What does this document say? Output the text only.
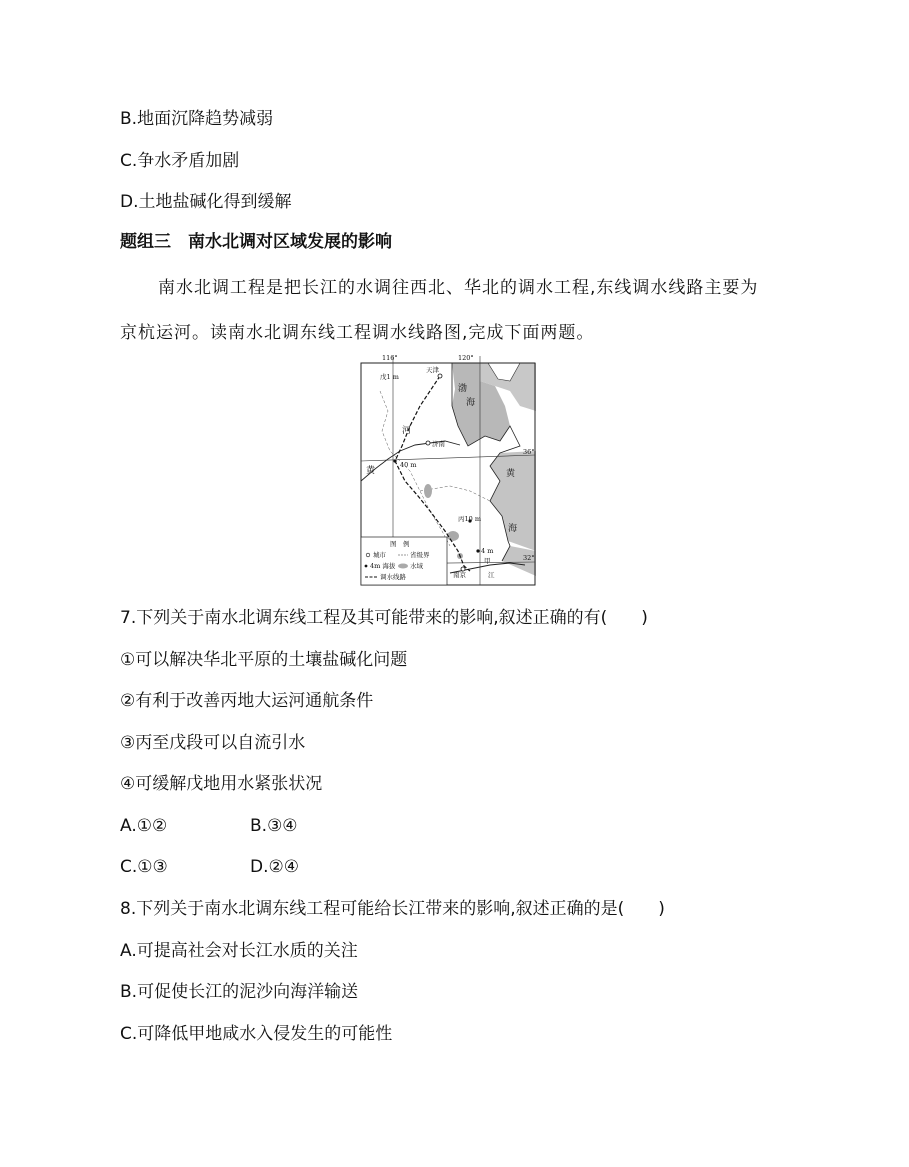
B.地面沉降趋势减弱
C.争水矛盾加剧
D.土地盐碱化得到缓解
题组三　南水北调对区域发展的影响
南水北调工程是把长江的水调往西北、华北的调水工程,东线调水线路主要为
京杭运河。读南水北调东线工程调水线路图,完成下面两题。
116°	120°
36°
32°
天津
戊1 m
渤
海
河
济南
黄
40 m
黄
海
丙10 m
4 m
甲
南京	江
图　例
城市	省级界
4m 海拔 水域
调水线路
7.下列关于南水北调东线工程及其可能带来的影响,叙述正确的有( )
①可以解决华北平原的土壤盐碱化问题
②有利于改善丙地大运河通航条件
③丙至戊段可以自流引水
④可缓解戊地用水紧张状况
A.①②	B.③④
C.①③	D.②④
8.下列关于南水北调东线工程可能给长江带来的影响,叙述正确的是( )
A.可提高社会对长江水质的关注
B.可促使长江的泥沙向海洋输送
C.可降低甲地咸水入侵发生的可能性
